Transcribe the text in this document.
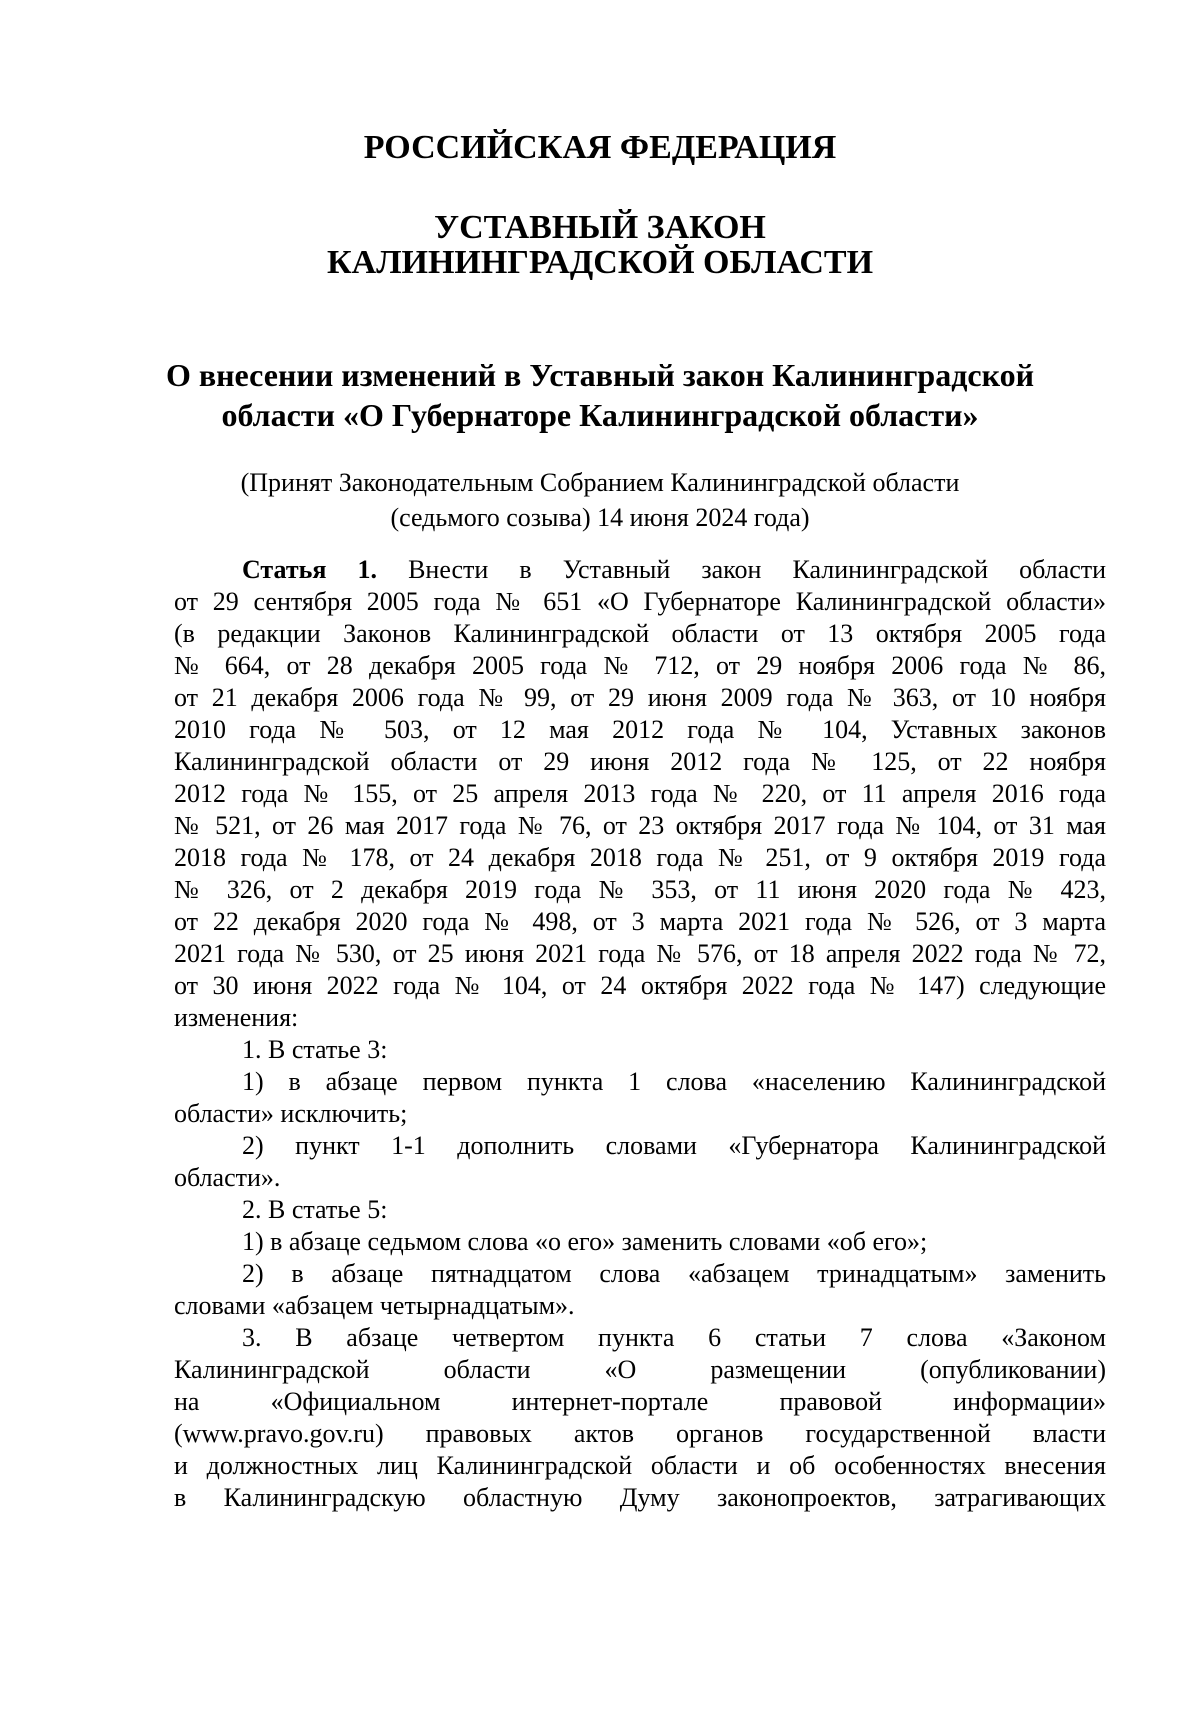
РОССИЙСКАЯ ФЕДЕРАЦИЯ
УСТАВНЫЙ ЗАКОН
КАЛИНИНГРАДСКОЙ ОБЛАСТИ
О внесении изменений в Уставный закон Калининградской
области «О Губернаторе Калининградской области»
(Принят Законодательным Собранием Калининградской области
(седьмого созыва) 14 июня 2024 года)
Статья 1. Внести в Уставный закон Калининградской области
от 29 сентября 2005 года № 651 «О Губернаторе Калининградской области»
(в редакции Законов Калининградской области от 13 октября 2005 года
№ 664, от 28 декабря 2005 года № 712, от 29 ноября 2006 года № 86,
от 21 декабря 2006 года № 99, от 29 июня 2009 года № 363, от 10 ноября
2010 года № 503, от 12 мая 2012 года № 104, Уставных законов
Калининградской области от 29 июня 2012 года № 125, от 22 ноября
2012 года № 155, от 25 апреля 2013 года № 220, от 11 апреля 2016 года
№ 521, от 26 мая 2017 года № 76, от 23 октября 2017 года № 104, от 31 мая
2018 года № 178, от 24 декабря 2018 года № 251, от 9 октября 2019 года
№ 326, от 2 декабря 2019 года № 353, от 11 июня 2020 года № 423,
от 22 декабря 2020 года № 498, от 3 марта 2021 года № 526, от 3 марта
2021 года № 530, от 25 июня 2021 года № 576, от 18 апреля 2022 года № 72,
от 30 июня 2022 года № 104, от 24 октября 2022 года № 147) следующие
изменения:
1. В статье 3:
1) в абзаце первом пункта 1 слова «населению Калининградской
области» исключить;
2) пункт 1-1 дополнить словами «Губернатора Калининградской
области».
2. В статье 5:
1) в абзаце седьмом слова «о его» заменить словами «об его»;
2) в абзаце пятнадцатом слова «абзацем тринадцатым» заменить
словами «абзацем четырнадцатым».
3. В абзаце четвертом пункта 6 статьи 7 слова «Законом
Калининградской области «О размещении (опубликовании)
на «Официальном интернет-портале правовой информации»
(www.pravo.gov.ru) правовых актов органов государственной власти
и должностных лиц Калининградской области и об особенностях внесения
в Калининградскую областную Думу законопроектов, затрагивающих
